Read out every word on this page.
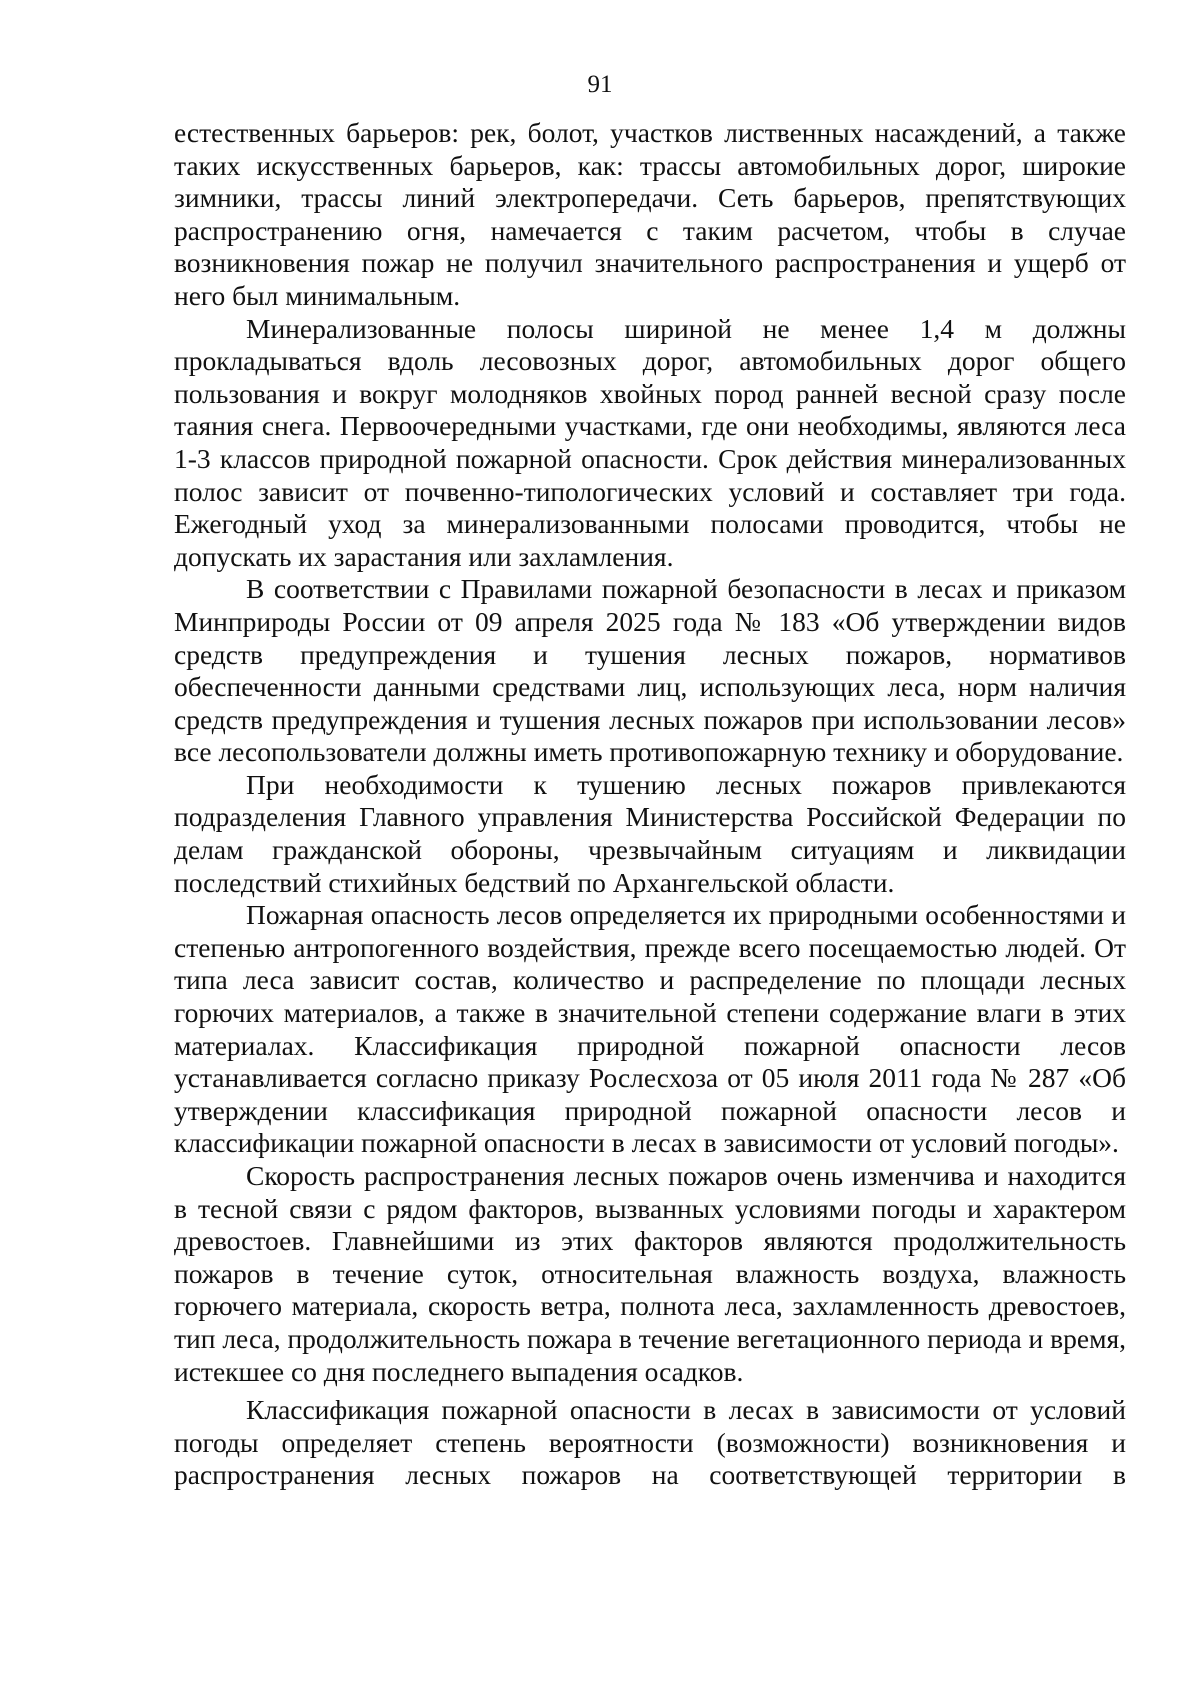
91

естественных барьеров: рек, болот, участков лиственных насаждений, а также таких искусственных барьеров, как: трассы автомобильных дорог, широкие зимники, трассы линий электропередачи. Сеть барьеров, препятствующих распространению огня, намечается с таким расчетом, чтобы в случае возникновения пожар не получил значительного распространения и ущерб от него был минимальным.

Минерализованные полосы шириной не менее 1,4 м должны прокладываться вдоль лесовозных дорог, автомобильных дорог общего пользования и вокруг молодняков хвойных пород ранней весной сразу после таяния снега. Первоочередными участками, где они необходимы, являются леса 1-3 классов природной пожарной опасности. Срок действия минерализованных полос зависит от почвенно-типологических условий и составляет три года. Ежегодный уход за минерализованными полосами проводится, чтобы не допускать их зарастания или захламления.

В соответствии с Правилами пожарной безопасности в лесах и приказом Минприроды России от 09 апреля 2025 года № 183 «Об утверждении видов средств предупреждения и тушения лесных пожаров, нормативов обеспеченности данными средствами лиц, использующих леса, норм наличия средств предупреждения и тушения лесных пожаров при использовании лесов» все лесопользователи должны иметь противопожарную технику и оборудование.

При необходимости к тушению лесных пожаров привлекаются подразделения Главного управления Министерства Российской Федерации по делам гражданской обороны, чрезвычайным ситуациям и ликвидации последствий стихийных бедствий по Архангельской области.

Пожарная опасность лесов определяется их природными особенностями и степенью антропогенного воздействия, прежде всего посещаемостью людей. От типа леса зависит состав, количество и распределение по площади лесных горючих материалов, а также в значительной степени содержание влаги в этих материалах. Классификация природной пожарной опасности лесов устанавливается согласно приказу Рослесхоза от 05 июля 2011 года № 287 «Об утверждении классификация природной пожарной опасности лесов и классификации пожарной опасности в лесах в зависимости от условий погоды».

Скорость распространения лесных пожаров очень изменчива и находится в тесной связи с рядом факторов, вызванных условиями погоды и характером древостоев. Главнейшими из этих факторов являются продолжительность пожаров в течение суток, относительная влажность воздуха, влажность горючего материала, скорость ветра, полнота леса, захламленность древостоев, тип леса, продолжительность пожара в течение вегетационного периода и время, истекшее со дня последнего выпадения осадков.

Классификация пожарной опасности в лесах в зависимости от условий погоды определяет степень вероятности (возможности) возникновения и распространения лесных пожаров на соответствующей территории в
